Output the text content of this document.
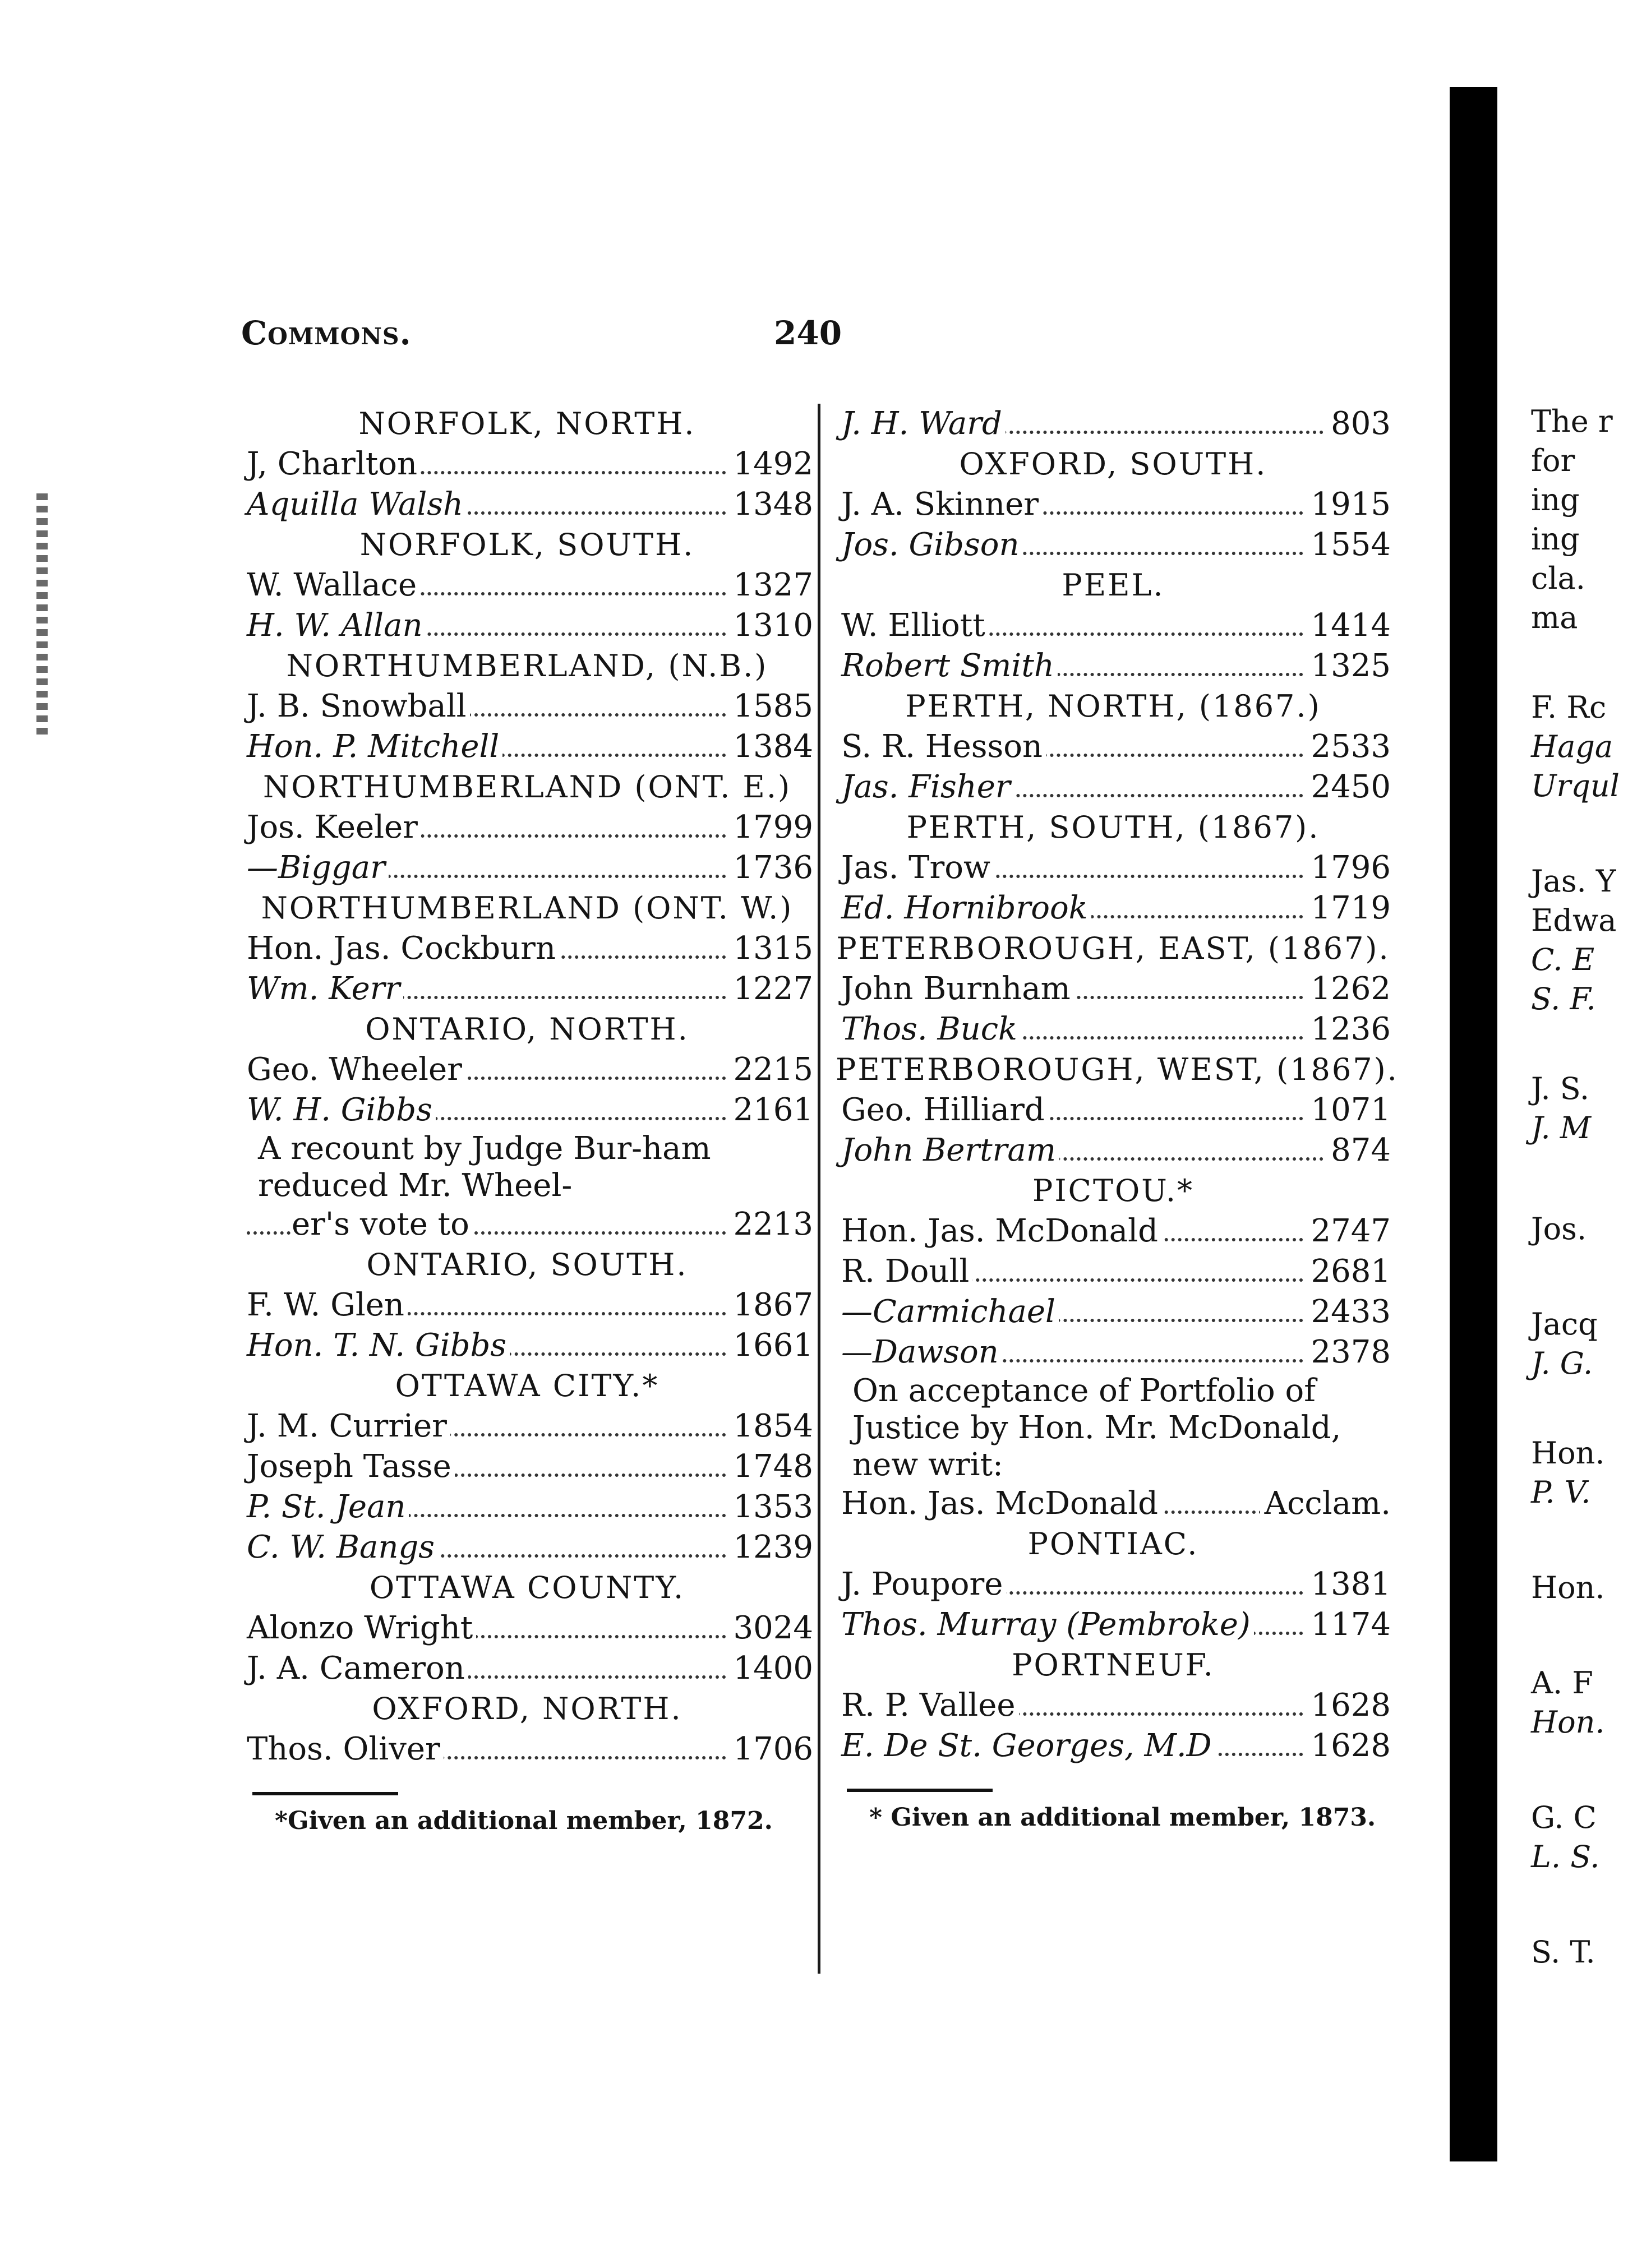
Commons.	240
NORFOLK, NORTH.
J, Charlton	1492
Aquilla Walsh	1348
NORFOLK, SOUTH.
W. Wallace	1327
H. W. Allan	1310
NORTHUMBERLAND, (N.B.)
J. B. Snowball	1585
Hon. P. Mitchell	1384
NORTHUMBERLAND (ONT. E.)
Jos. Keeler	1799
—Biggar	1736
NORTHUMBERLAND (ONT. W.)
Hon. Jas. Cockburn	1315
Wm. Kerr	1227
ONTARIO, NORTH.
Geo. Wheeler	2215
W. H. Gibbs	2161
A recount by Judge Bur-ham reduced Mr. Wheel-
er's vote to	2213
ONTARIO, SOUTH.
F. W. Glen	1867
Hon. T. N. Gibbs	1661
OTTAWA CITY.*
J. M. Currier	1854
Joseph Tasse	1748
P. St. Jean	1353
C. W. Bangs	1239
OTTAWA COUNTY.
Alonzo Wright	3024
J. A. Cameron	1400
OXFORD, NORTH.
Thos. Oliver	1706
*Given an additional member, 1872.
J. H. Ward	803
OXFORD, SOUTH.
J. A. Skinner	1915
Jos. Gibson	1554
PEEL.
W. Elliott	1414
Robert Smith	1325
PERTH, NORTH, (1867.)
S. R. Hesson	2533
Jas. Fisher	2450
PERTH, SOUTH, (1867).
Jas. Trow	1796
Ed. Hornibrook	1719
PETERBOROUGH, EAST, (1867).
John Burnham	1262
Thos. Buck	1236
PETERBOROUGH, WEST, (1867).
Geo. Hilliard	1071
John Bertram	874
PICTOU.*
Hon. Jas. McDonald	2747
R. Doull	2681
—Carmichael	2433
—Dawson	2378
On acceptance of Portfolio of Justice by Hon. Mr. McDonald, new writ:
Hon. Jas. McDonald	Acclam.
PONTIAC.
J. Poupore	1381
Thos. Murray (Pembroke) 1174
PORTNEUF.
R. P. Vallee	1628
E. De St. Georges, M.D	1628
* Given an additional member, 1873.
The r
for
ing
ing
cla.
ma
F. Rc
Haga
Urqul
Jas. Y
Edwa
C. E
S. F.
J. S.
J. M
Jos.
Jacq
J. G.
Hon.
P. V.
Hon.
A. F
Hon.
G. C
L. S.
S. T.
